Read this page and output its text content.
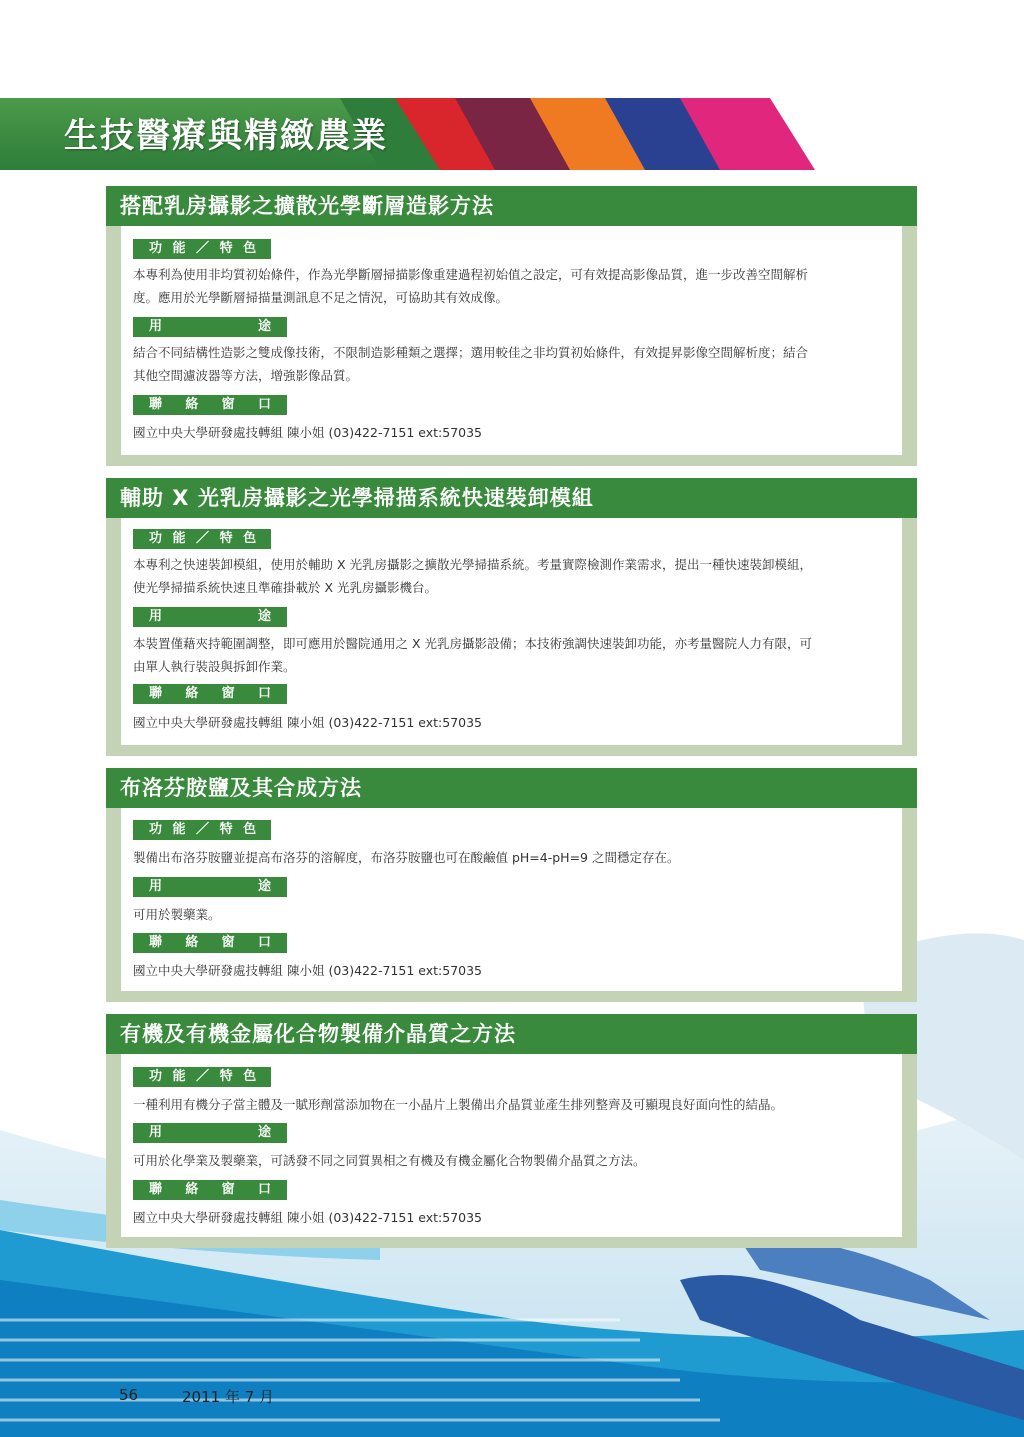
生技醫療與精緻農業
搭配乳房攝影之擴散光學斷層造影方法
功 能 ／ 特 色
本專利為使用非均質初始條件，作為光學斷層掃描影像重建過程初始值之設定，可有效提高影像品質，進一步改善空間解析
度。應用於光學斷層掃描量測訊息不足之情況，可協助其有效成像。
用	途
結合不同結構性造影之雙成像技術，不限制造影種類之選擇；選用較佳之非均質初始條件，有效提昇影像空間解析度；結合
其他空間濾波器等方法，增強影像品質。
聯 絡 窗 口
國立中央大學研發處技轉組 陳小姐 (03)422-7151 ext:57035
輔助 X 光乳房攝影之光學掃描系統快速裝卸模組
功 能 ／ 特 色
本專利之快速裝卸模組，使用於輔助 X 光乳房攝影之擴散光學掃描系統。考量實際檢測作業需求，提出一種快速裝卸模組，
使光學掃描系統快速且準確掛載於 X 光乳房攝影機台。
用	途
本裝置僅藉夾持範圍調整，即可應用於醫院通用之 X 光乳房攝影設備；本技術強調快速裝卸功能，亦考量醫院人力有限，可
由單人執行裝設與拆卸作業。
聯 絡 窗 口
國立中央大學研發處技轉組 陳小姐 (03)422-7151 ext:57035
布洛芬胺鹽及其合成方法
功 能 ／ 特 色
製備出布洛芬胺鹽並提高布洛芬的溶解度，布洛芬胺鹽也可在酸鹼值 pH=4-pH=9 之間穩定存在。
用	途
可用於製藥業。
聯 絡 窗 口
國立中央大學研發處技轉組 陳小姐 (03)422-7151 ext:57035
有機及有機金屬化合物製備介晶質之方法
功 能 ／ 特 色
一種利用有機分子當主體及一賦形劑當添加物在一小晶片上製備出介晶質並產生排列整齊及可顯現良好面向性的結晶。
用	途
可用於化學業及製藥業，可誘發不同之同質異相之有機及有機金屬化合物製備介晶質之方法。
聯 絡 窗 口
國立中央大學研發處技轉組 陳小姐 (03)422-7151 ext:57035
56	2011 年 7 月
